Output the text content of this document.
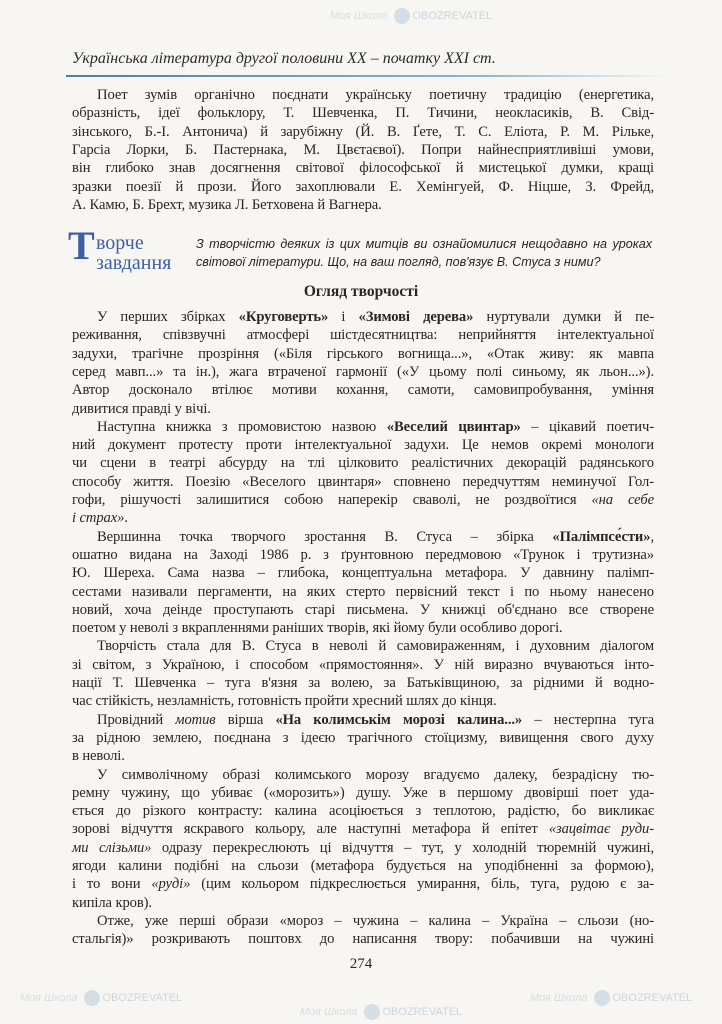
Моя Школа OBOZREVATEL
Моя Школа OBOZREVATEL
Моя Школа OBOZREVATEL
Моя Школа OBOZREVATEL
Українська література другої половини XX – початку XXI ст.
Поет зумів органічно поєднати українську поетичну традицію (енергетика,
образність, ідеї фольклору, Т. Шевченка, П. Тичини, неокласиків, В. Свід-
зінського, Б.-І. Антонича) й зарубіжну (Й. В. Ґете, Т. С. Еліота, Р. М. Рільке,
Гарсіа Лорки, Б. Пастернака, М. Цвєтаєвої). Попри найнесприятливіші умови,
він глибоко знав досягнення світової філософської й мистецької думки, кращі
зразки поезії й прози. Його захоплювали Е. Хемінгуей, Ф. Ніцше, З. Фрейд,
А. Камю, Б. Брехт, музика Л. Бетховена й Вагнера.
Т ворче
завдання
З творчістю деяких із цих митців ви ознайомилися нещодавно на уроках
світової літератури. Що, на ваш погляд, пов'язує В. Стуса з ними?
Огляд творчості
У перших збірках «Круговерть» і «Зимові дерева» нуртували думки й пе-
реживання, співзвучні атмосфері шістдесятництва: неприйняття інтелектуальної
задухи, трагічне прозріння («Біля гірського вогнища...», «Отак живу: як мавпа
серед мавп...» та ін.), жага втраченої гармонії («У цьому полі синьому, як льон...»).
Автор досконало втілює мотиви кохання, самоти, самовипробування, уміння
дивитися правді у вічі.
Наступна книжка з промовистою назвою «Веселий цвинтар» – цікавий поетич-
ний документ протесту проти інтелектуальної задухи. Це немов окремі монологи
чи сцени в театрі абсурду на тлі цілковито реалістичних декорацій радянського
способу життя. Поезію «Веселого цвинтаря» сповнено передчуттям неминучої Гол-
гофи, рішучості залишитися собою наперекір сваволі, не роздвоїтися «на себе
і страх».
Вершинна точка творчого зростання В. Стуса – збірка «Палімпсе́сти»,
ошатно видана на Заході 1986 р. з ґрунтовною передмовою «Трунок і трутизна»
Ю. Шереха. Сама назва – глибока, концептуальна метафора. У давнину палімп-
сестами називали пергаменти, на яких стерто первісний текст і по ньому нанесено
новий, хоча деінде проступають старі письмена. У книжці об'єднано все створене
поетом у неволі з вкрапленнями раніших творів, які йому були особливо дорогі.
Творчість стала для В. Стуса в неволі й самовираженням, і духовним діалогом
зі світом, з Україною, і способом «прямостояння». У ній виразно вчуваються інто-
нації Т. Шевченка – туга в'язня за волею, за Батьківщиною, за рідними й водно-
час стійкість, незламність, готовність пройти хресний шлях до кінця.
Провідний мотив вірша «На колимськім морозі калина...» – нестерпна туга
за рідною землею, поєднана з ідеєю трагічного стоїцизму, вивищення свого духу
в неволі.
У символічному образі колимського морозу вгадуємо далеку, безрадісну тю-
ремну чужину, що убиває («морозить») душу. Уже в першому двовірші поет уда-
ється до різкого контрасту: калина асоціюється з теплотою, радістю, бо викликає
зорові відчуття яскравого кольору, але наступні метафора й епітет «зацвітає руди-
ми слізьми» одразу перекреслюють ці відчуття – тут, у холодній тюремній чужині,
ягоди калини подібні на сльози (метафора будується на уподібненні за формою),
і то вони «руді» (цим кольором підкреслюється умирання, біль, туга, рудою є за-
кипіла кров).
Отже, уже перші образи «мороз – чужина – калина – Україна – сльози (но-
стальгія)» розкривають поштовх до написання твору: побачивши на чужині
274
